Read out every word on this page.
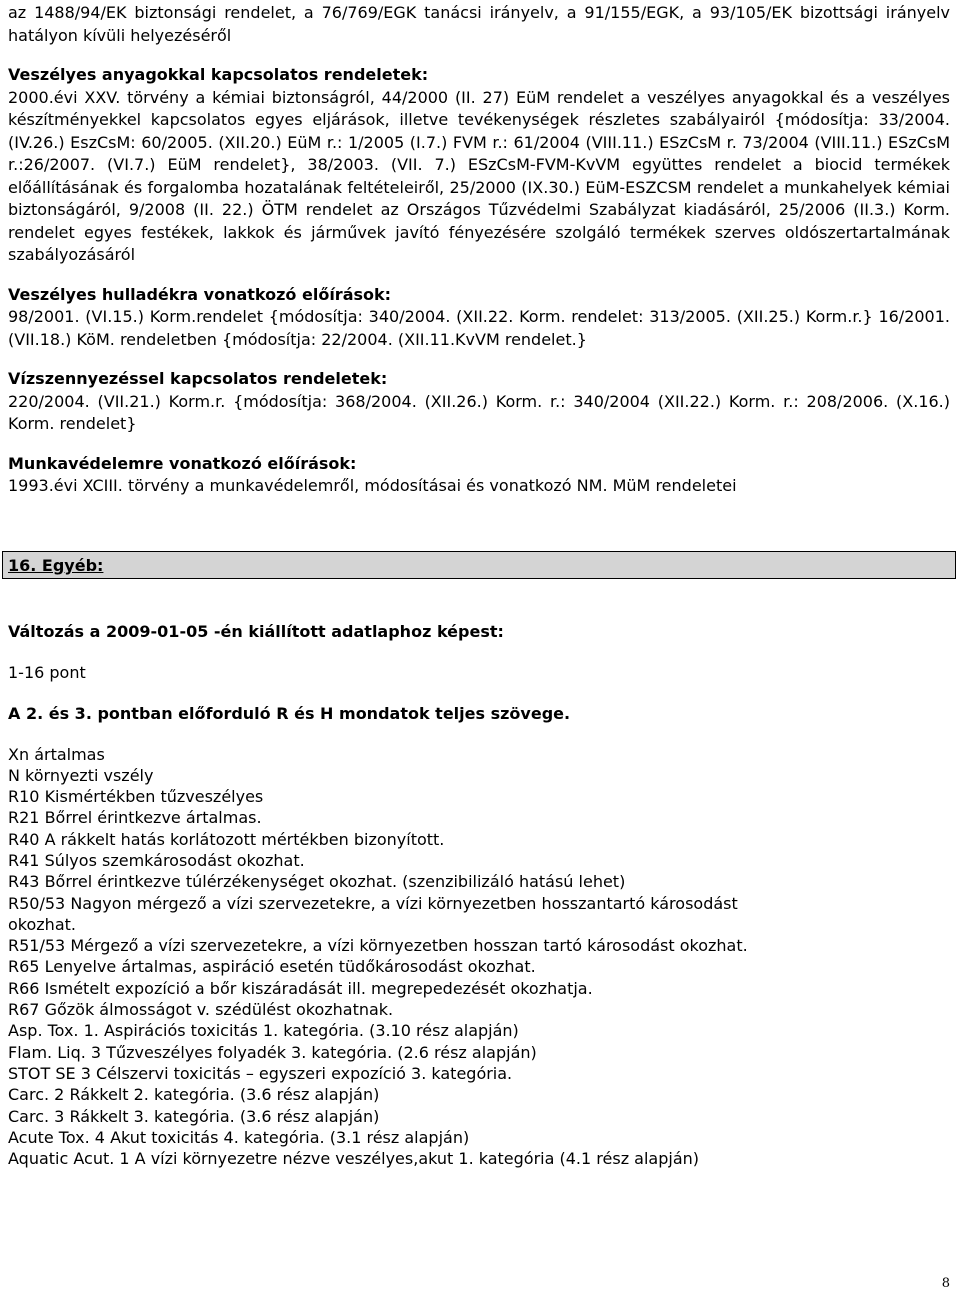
az 1488/94/EK biztonsági rendelet, a 76/769/EGK tanácsi irányelv, a 91/155/EGK, a 93/105/EK bizottsági irányelv hatályon kívüli helyezéséről

Veszélyes anyagokkal kapcsolatos rendeletek:

2000.évi XXV. törvény a kémiai biztonságról, 44/2000 (II. 27) EüM rendelet a veszélyes anyagokkal és a veszélyes készítményekkel kapcsolatos egyes eljárások, illetve tevékenységek részletes szabályairól {módosítja: 33/2004. (IV.26.) EszCsM: 60/2005. (XII.20.) EüM r.: 1/2005 (I.7.) FVM r.: 61/2004 (VIII.11.) ESzCsM r. 73/2004 (VIII.11.) ESzCsM r.:26/2007. (VI.7.) EüM rendelet}, 38/2003. (VII. 7.) ESzCsM-FVM-KvVM együttes rendelet a biocid termékek előállításának és forgalomba hozatalának feltételeiről, 25/2000 (IX.30.) EüM-ESZCSM rendelet a munkahelyek kémiai biztonságáról, 9/2008 (II. 22.) ÖTM rendelet az Országos Tűzvédelmi Szabályzat kiadásáról, 25/2006 (II.3.) Korm. rendelet egyes festékek, lakkok és járművek javító fényezésére szolgáló termékek szerves oldószertartalmának szabályozásáról

Veszélyes hulladékra vonatkozó előírások:

98/2001. (VI.15.) Korm.rendelet {módosítja: 340/2004. (XII.22. Korm. rendelet: 313/2005. (XII.25.) Korm.r.} 16/2001. (VII.18.) KöM. rendeletben {módosítja: 22/2004. (XII.11.KvVM rendelet.}

Vízszennyezéssel kapcsolatos rendeletek:

220/2004. (VII.21.) Korm.r. {módosítja: 368/2004. (XII.26.) Korm. r.: 340/2004 (XII.22.) Korm. r.: 208/2006. (X.16.) Korm. rendelet}

Munkavédelemre vonatkozó előírások:

1993.évi XCIII. törvény a munkavédelemről, módosításai és vonatkozó NM. MüM rendeletei

16. Egyéb:

Változás a 2009-01-05 -én kiállított adatlaphoz képest:

1-16 pont

A 2. és 3. pontban előforduló R és H mondatok teljes szövege.

Xn ártalmas

N környezti vszély

R10 Kismértékben tűzveszélyes

R21 Bőrrel érintkezve ártalmas.

R40 A rákkelt hatás korlátozott mértékben bizonyított.

R41 Súlyos szemkárosodást okozhat.

R43 Bőrrel érintkezve túlérzékenységet okozhat. (szenzibilizáló hatású lehet)

R50/53 Nagyon mérgező a vízi szervezetekre, a vízi környezetben hosszantartó károsodást okozhat.

R51/53 Mérgező a vízi szervezetekre, a vízi környezetben hosszan tartó károsodást okozhat.

R65 Lenyelve ártalmas, aspiráció esetén tüdőkárosodást okozhat.

R66 Ismételt expozíció a bőr kiszáradását ill. megrepedezését okozhatja.

R67 Gőzök álmosságot v. szédülést okozhatnak.

Asp. Tox. 1. Aspirációs toxicitás 1. kategória. (3.10 rész alapján)

Flam. Liq. 3 Tűzveszélyes folyadék 3. kategória. (2.6 rész alapján)

STOT SE 3 Célszervi toxicitás – egyszeri expozíció 3. kategória.

Carc. 2 Rákkelt 2. kategória. (3.6 rész alapján)

Carc. 3 Rákkelt 3. kategória. (3.6 rész alapján)

Acute Tox. 4 Akut toxicitás 4. kategória. (3.1 rész alapján)

Aquatic Acut. 1 A vízi környezetre nézve veszélyes,akut 1. kategória (4.1 rész alapján)

8
